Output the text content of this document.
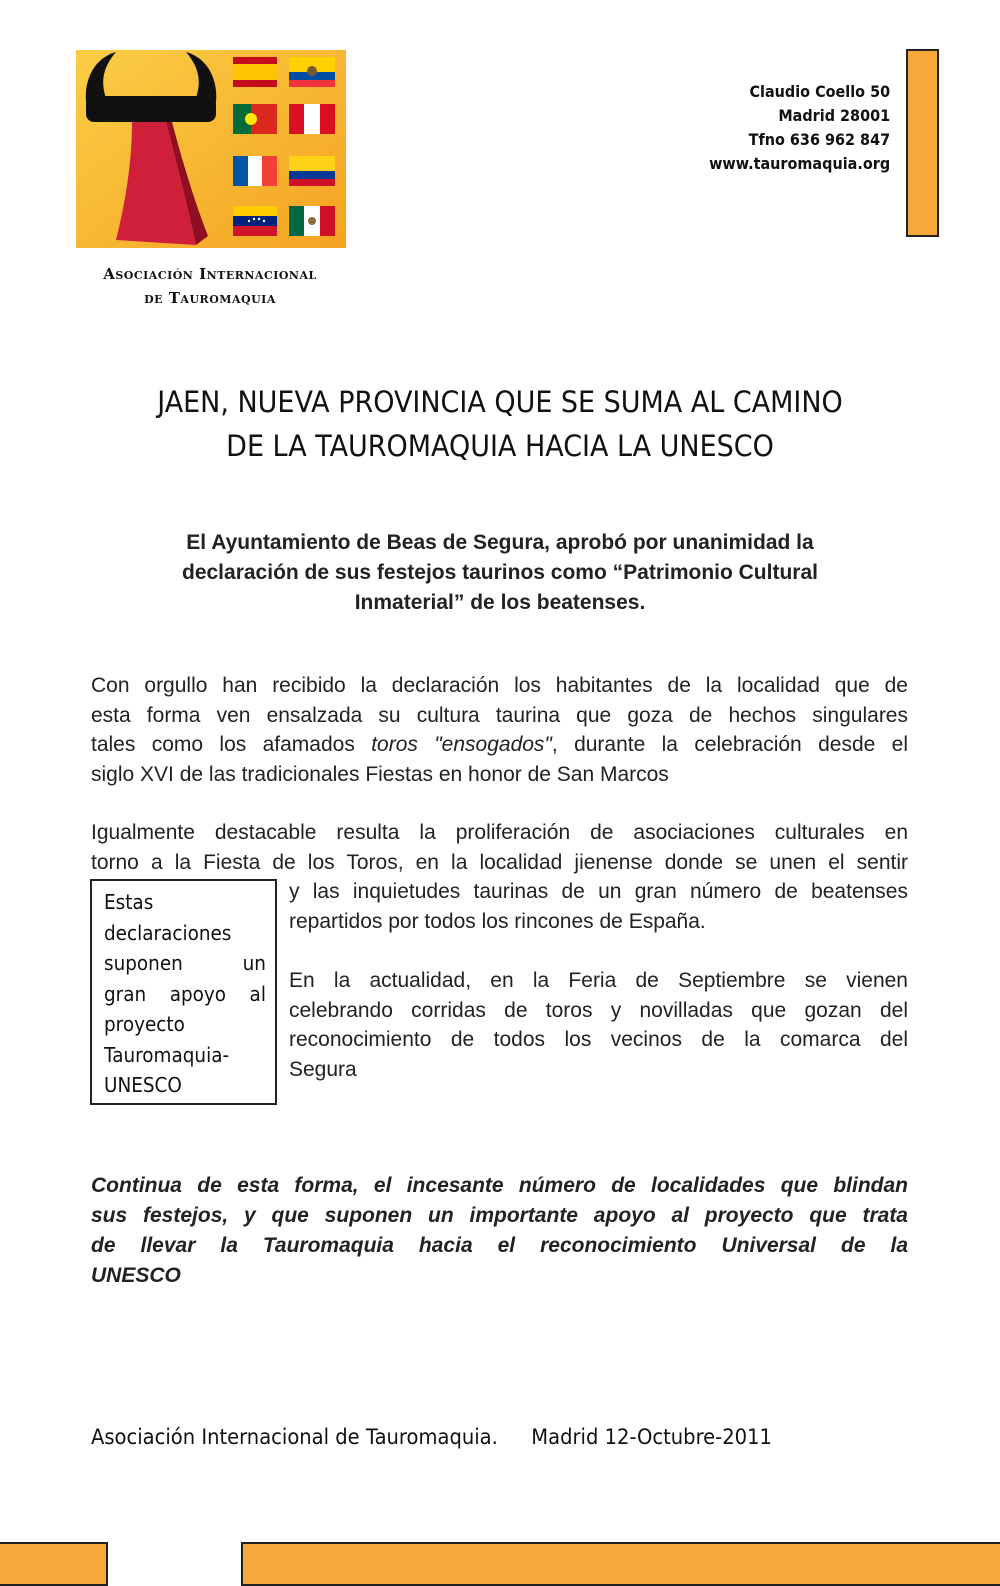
Asociación Internacional
de Tauromaquia
Claudio Coello 50
Madrid 28001
Tfno 636 962 847
www.tauromaquia.org
JAEN, NUEVA PROVINCIA QUE SE SUMA AL CAMINO
DE LA TAUROMAQUIA HACIA LA UNESCO
El Ayuntamiento de Beas de Segura, aprobó por unanimidad la
declaración de sus festejos taurinos como “Patrimonio Cultural
Inmaterial” de los beatenses.
Con orgullo han recibido la declaración los habitantes de la localidad que de
esta forma ven ensalzada su cultura taurina que goza de hechos singulares
tales como los afamados toros "ensogados", durante la celebración desde el
siglo XVI de las tradicionales Fiestas en honor de San Marcos
Igualmente destacable resulta la proliferación de asociaciones culturales en
torno a la Fiesta de los Toros, en la localidad jienense donde se unen el sentir
y las inquietudes taurinas de un gran número de beatenses
repartidos por todos los rincones de España.
Estas
declaraciones
suponen un
gran apoyo al
proyecto
Tauromaquia-
UNESCO
En la actualidad, en la Feria de Septiembre se vienen
celebrando corridas de toros y novilladas que gozan del
reconocimiento de todos los vecinos de la comarca del
Segura
Continua de esta forma, el incesante número de localidades que blindan
sus festejos, y que suponen un importante apoyo al proyecto que trata
de llevar la Tauromaquia hacia el reconocimiento Universal de la
UNESCO
Asociación Internacional de Tauromaquia. Madrid 12-Octubre-2011
